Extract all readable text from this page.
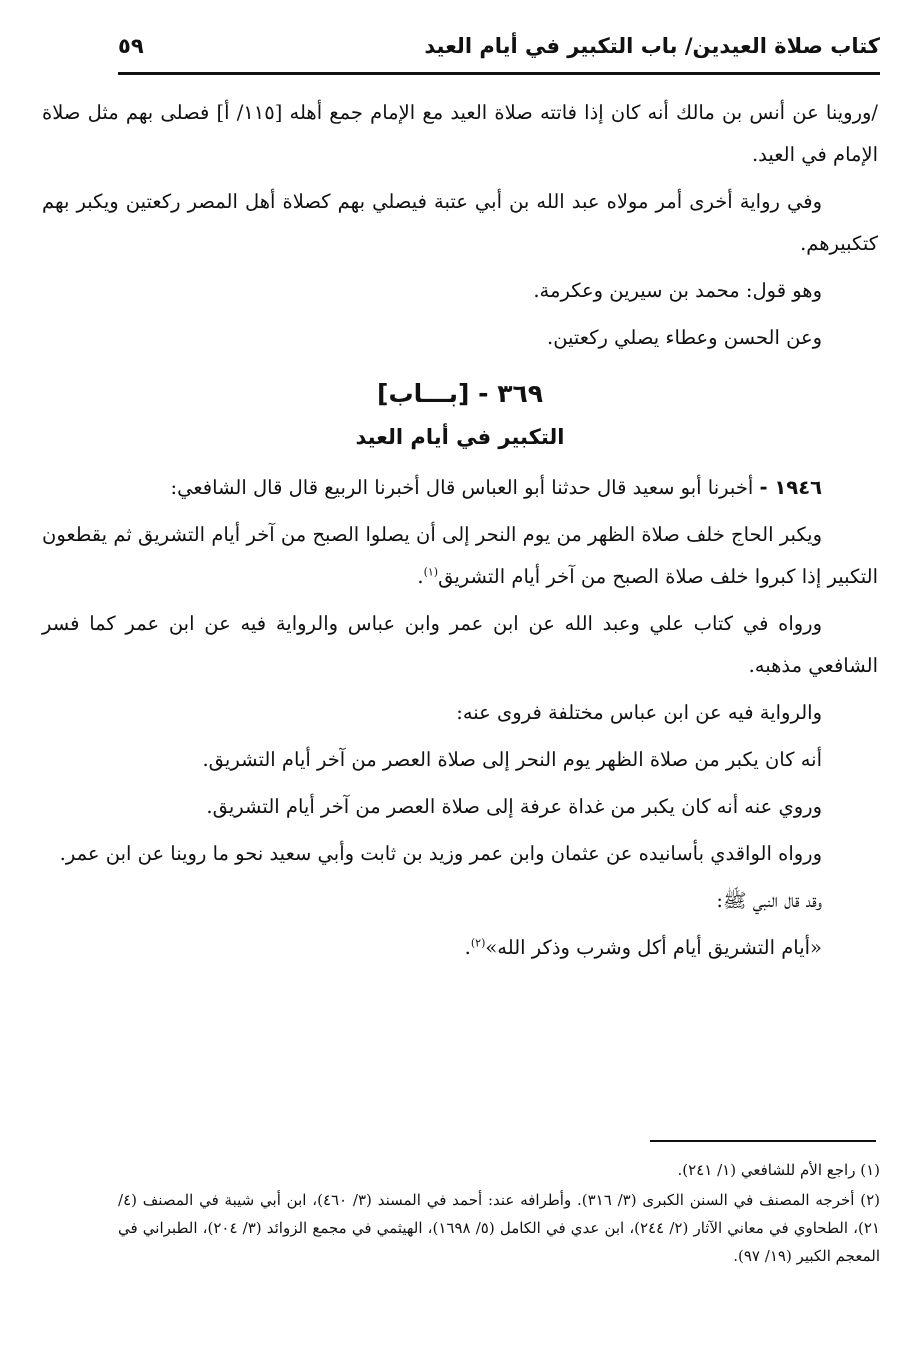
كتاب صلاة العيدين/ باب التكبير في أيام العيد
٥٩

/وروينا عن أنس بن مالك أنه كان إذا فاتته صلاة العيد مع الإمام جمع أهله [١١٥/ أ] فصلى بهم مثل صلاة الإمام في العيد.

وفي رواية أخرى أمر مولاه عبد الله بن أبي عتبة فيصلي بهم كصلاة أهل المصر ركعتين ويكبر بهم كتكبيرهم.

وهو قول: محمد بن سيرين وعكرمة.

وعن الحسن وعطاء يصلي ركعتين.

٣٦٩ - [بـــاب]

التكبير في أيام العيد

١٩٤٦ - أخبرنا أبو سعيد قال حدثنا أبو العباس قال أخبرنا الربيع قال قال الشافعي:

ويكبر الحاج خلف صلاة الظهر من يوم النحر إلى أن يصلوا الصبح من آخر أيام التشريق ثم يقطعون التكبير إذا كبروا خلف صلاة الصبح من آخر أيام التشريق$^{(١)}$.

ورواه في كتاب علي وعبد الله عن ابن عمر وابن عباس والرواية فيه عن ابن عمر كما فسر الشافعي مذهبه.

والرواية فيه عن ابن عباس مختلفة فروى عنه:

أنه كان يكبر من صلاة الظهر يوم النحر إلى صلاة العصر من آخر أيام التشريق.

وروي عنه أنه كان يكبر من غداة عرفة إلى صلاة العصر من آخر أيام التشريق.

ورواه الواقدي بأسانيده عن عثمان وابن عمر وزيد بن ثابت وأبي سعيد نحو ما روينا عن ابن عمر.

وقد قال النبي ﷺ:

«أيام التشريق أيام أكل وشرب وذكر الله»$^{(٢)}$.

(١) راجع الأم للشافعي (١/ ٢٤١).

(٢) أخرجه المصنف في السنن الكبرى (٣/ ٣١٦). وأطرافه عند: أحمد في المسند (٣/ ٤٦٠)، ابن أبي شيبة في المصنف (٤/ ٢١)، الطحاوي في معاني الآثار (٢/ ٢٤٤)، ابن عدي في الكامل (٥/ ١٦٩٨)، الهيثمي في مجمع الزوائد (٣/ ٢٠٤)، الطبراني في المعجم الكبير (١٩/ ٩٧).
